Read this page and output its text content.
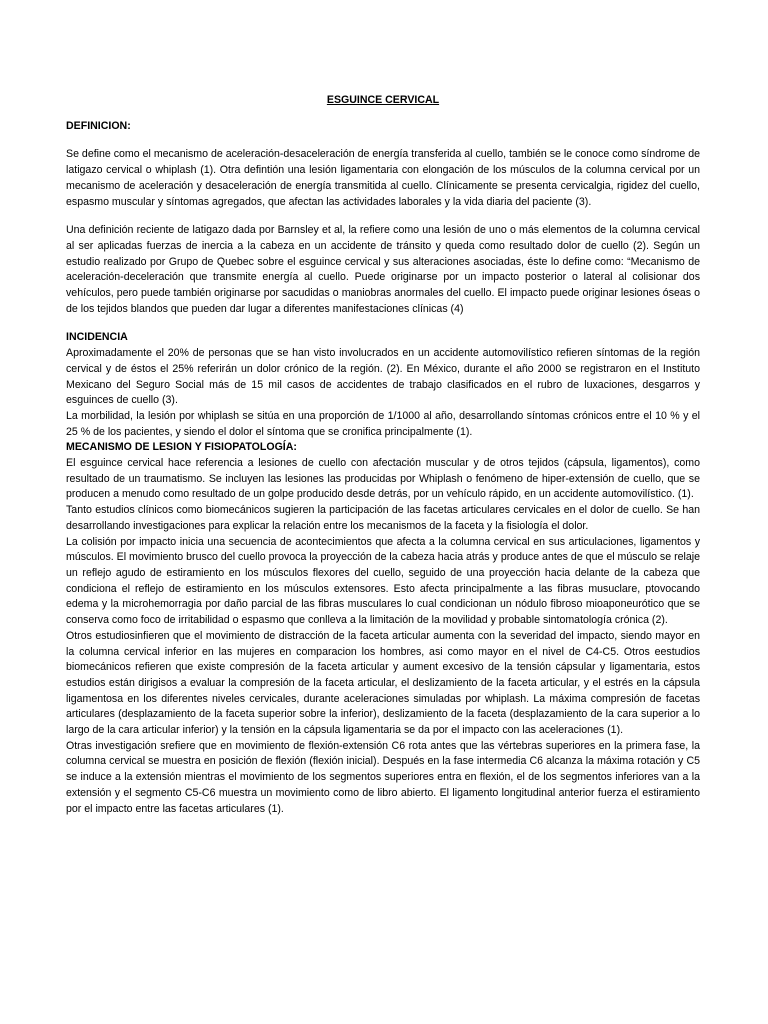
ESGUINCE CERVICAL

DEFINICION:

Se define como el mecanismo de aceleración-desaceleración de energía transferida al cuello, también se le conoce como síndrome de latigazo cervical o whiplash (1). Otra defintión una lesión ligamentaria con elongación de los músculos de la columna cervical por un mecanismo de aceleración y desaceleración de energía transmitida al cuello. Clínicamente se presenta cervicalgia, rigidez del cuello, espasmo muscular y síntomas agregados, que afectan las actividades laborales y la vida diaria del paciente (3).

Una definición reciente de latigazo dada por Barnsley et al, la refiere como una lesión de uno o más elementos de la columna cervical al ser aplicadas fuerzas de inercia a la cabeza en un accidente de tránsito y queda como resultado dolor de cuello (2). Según un estudio realizado por Grupo de Quebec sobre el esguince cervical y sus alteraciones asociadas, éste lo define como: “Mecanismo de aceleración-deceleración que transmite energía al cuello. Puede originarse por un impacto posterior o lateral al colisionar dos vehículos, pero puede también originarse por sacudidas o maniobras anormales del cuello. El impacto puede originar lesiones óseas o de los tejidos blandos que pueden dar lugar a diferentes manifestaciones clínicas (4)

INCIDENCIA

Aproximadamente el 20% de personas que se han visto involucrados en un accidente automovilístico refieren síntomas de la región cervical y de éstos el 25% referirán un dolor crónico de la región. (2). En México, durante el año 2000 se registraron en el Instituto Mexicano del Seguro Social más de 15 mil casos de accidentes de trabajo clasificados en el rubro de luxaciones, desgarros y esguinces de cuello (3).

La morbilidad, la lesión por whiplash se sitúa en una proporción de 1/1000 al año, desarrollando síntomas crónicos entre el 10 % y el 25 % de los pacientes, y siendo el dolor el síntoma que se cronifica principalmente (1).

MECANISMO DE LESION Y FISIOPATOLOGÍA:

El esguince cervical hace referencia a lesiones de cuello con afectación muscular y de otros tejidos (cápsula, ligamentos), como resultado de un traumatismo. Se incluyen las lesiones las producidas por Whiplash o fenómeno de hiper-extensión de cuello, que se producen a menudo como resultado de un golpe producido desde detrás, por un vehículo rápido, en un accidente automovilístico. (1).

Tanto estudios clínicos como biomecánicos sugieren la participación de las facetas articulares cervicales en el dolor de cuello. Se han desarrollando investigaciones para explicar la relación entre los mecanismos de la faceta y la fisiología el dolor.

La colisión por impacto inicia una secuencia de acontecimientos que afecta a la columna cervical en sus articulaciones, ligamentos y músculos. El movimiento brusco del cuello provoca la proyección de la cabeza hacia atrás y produce antes de que el músculo se relaje un reflejo agudo de estiramiento en los músculos flexores del cuello, seguido de una proyección hacia delante de la cabeza que condiciona el reflejo de estiramiento en los músculos extensores. Esto afecta principalmente a las fibras musuclare, ptovocando edema y la microhemorragia por daño parcial de las fibras musculares lo cual condicionan un nódulo fibroso mioaponeurótico que se conserva como foco de irritabilidad o espasmo que conlleva a la limitación de la movilidad y probable sintomatología crónica (2).

Otros estudiosinfieren que el movimiento de distracción de la faceta articular aumenta con la severidad del impacto, siendo mayor en la columna cervical inferior en las mujeres en comparacion los hombres, asi como mayor en el nivel de C4-C5. Otros eestudios biomecánicos refieren que existe compresión de la faceta articular y aument excesivo de la tensión cápsular y ligamentaria, estos estudios están dirigisos a evaluar la compresión de la faceta articular, el deslizamiento de la faceta articular, y el estrés en la cápsula ligamentosa en los diferentes niveles cervicales, durante aceleraciones simuladas por whiplash. La máxima compresión de facetas articulares (desplazamiento de la faceta superior sobre la inferior), deslizamiento de la faceta (desplazamiento de la cara superior a lo largo de la cara articular inferior) y la tensión en la cápsula ligamentaria se da por el impacto con las aceleraciones (1).

Otras investigación srefiere que en movimiento de flexión-extensión C6 rota antes que las vértebras superiores en la primera fase, la columna cervical se muestra en posición de flexión (flexión inicial). Después en la fase intermedia C6 alcanza la máxima rotación y C5 se induce a la extensión mientras el movimiento de los segmentos superiores entra en flexión, el de los segmentos inferiores van a la extensión y el segmento C5-C6 muestra un movimiento como de libro abierto. El ligamento longitudinal anterior fuerza el estiramiento por el impacto entre las facetas articulares (1).
